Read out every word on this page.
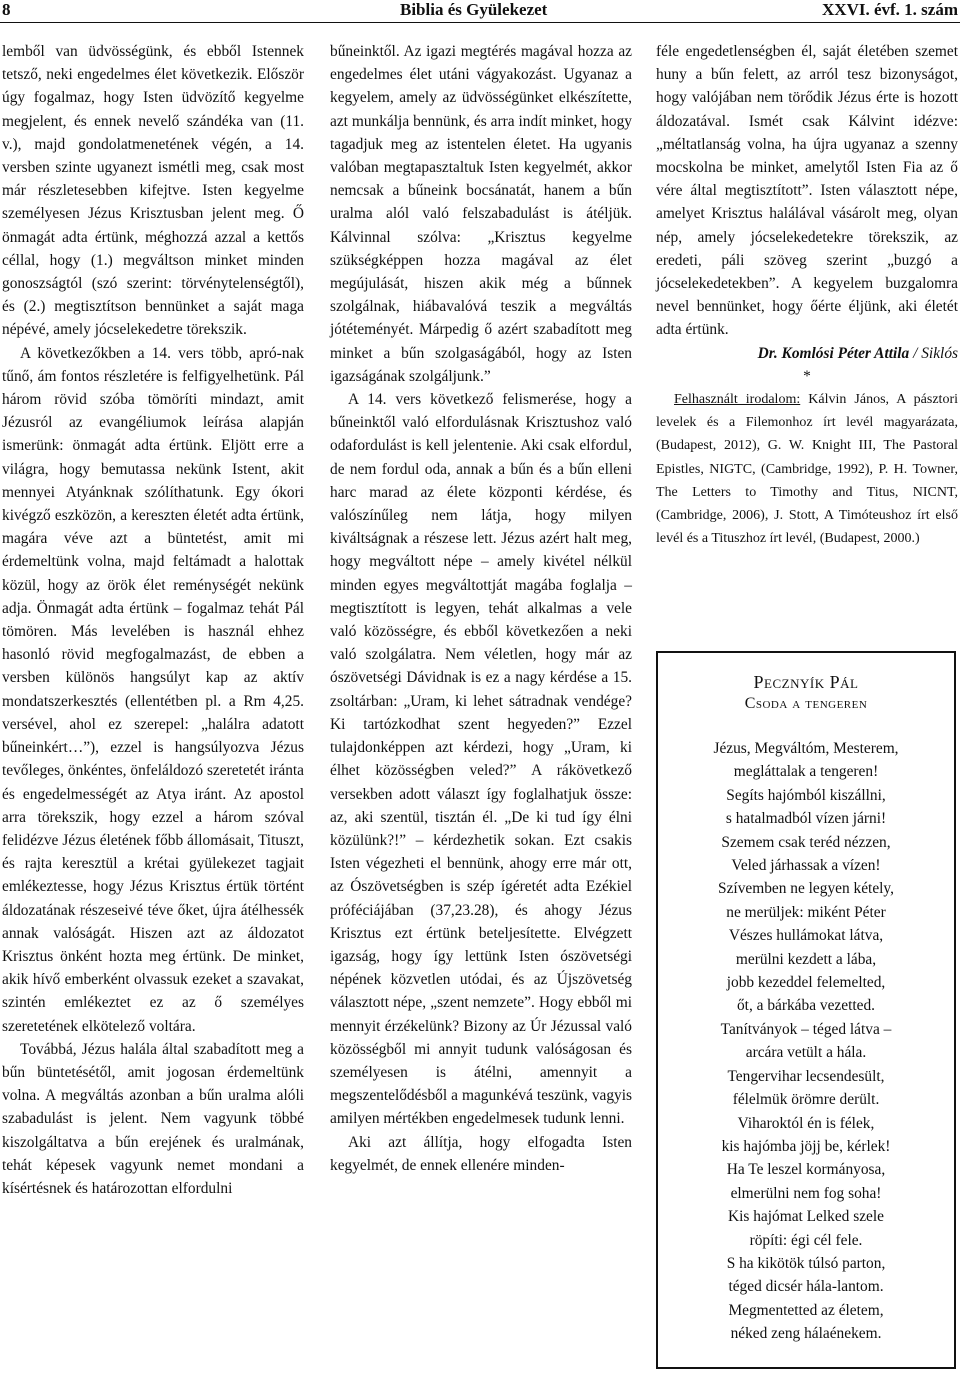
8	Biblia és Gyülekezet	XXVI. évf. 1. szám

lemből van üdvösségünk, és ebből Istennek tetsző, neki engedelmes élet következik. Először úgy fogalmaz, hogy Isten üdvözítő kegyelme megjelent, és ennek nevelő szándéka van (11. v.), majd gondolatmenetének végén, a 14. versben szinte ugyanezt ismétli meg, csak most már részletesebben kifejtve. Isten kegyelme személyesen Jézus Krisztusban jelent meg. Ő önmagát adta értünk, méghozzá azzal a kettős céllal, hogy (1.) megváltson minket minden gonoszságtól (szó szerint: törvénytelenségtől), és (2.) megtisztítson bennünket a saját maga népévé, amely jócselekedetre törekszik.

A következőkben a 14. vers több, apró-nak tűnő, ám fontos részletére is felfigyelhetünk. Pál három rövid szóba tömöríti mindazt, amit Jézusról az evangéliumok leírása alapján ismerünk: önmagát adta értünk. Eljött erre a világra, hogy bemutassa nekünk Istent, akit mennyei Atyánknak szólíthatunk. Egy ókori kivégző eszközön, a kereszten életét adta értünk, magára véve azt a büntetést, amit mi érdemeltünk volna, majd feltámadt a halottak közül, hogy az örök élet reménységét nekünk adja. Önmagát adta értünk – fogalmaz tehát Pál tömören. Más levelében is használ ehhez hasonló rövid megfogalmazást, de ebben a versben különös hangsúlyt kap az aktív mondatszerkesztés (ellentétben pl. a Rm 4,25. versével, ahol ez szerepel: „halálra adatott bűneinkért…”), ezzel is hangsúlyozva Jézus tevőleges, önkéntes, önfeláldozó szeretetét iránta és engedelmességét az Atya iránt. Az apostol arra törekszik, hogy ezzel a három szóval felidézve Jézus életének főbb állomásait, Tituszt, és rajta keresztül a krétai gyülekezet tagjait emlékeztesse, hogy Jézus Krisztus értük történt áldozatának részeseivé téve őket, újra átélhessék annak valóságát. Hiszen azt az áldozatot Krisztus önként hozta meg értünk. De minket, akik hívő emberként olvassuk ezeket a szavakat, szintén emlékeztet ez az ő személyes szeretetének elkötelező voltára.

Továbbá, Jézus halála által szabadított meg a bűn büntetésétől, amit jogosan érdemeltünk volna. A megváltás azonban a bűn uralma alóli szabadulást is jelent. Nem vagyunk többé kiszolgáltatva a bűn erejének és uralmának, tehát képesek vagyunk nemet mondani a kísértésnek és határozottan elfordulni

bűneinktől. Az igazi megtérés magával hozza az engedelmes élet utáni vágyakozást. Ugyanaz a kegyelem, amely az üdvösségünket elkészítette, azt munkálja bennünk, és arra indít minket, hogy tagadjuk meg az istentelen életet. Ha ugyanis valóban megtapasztaltuk Isten kegyelmét, akkor nemcsak a bűneink bocsánatát, hanem a bűn uralma alól való felszabadulást is átéljük. Kálvinnal szólva: „Krisztus kegyelme szükségképpen hozza magával az élet megújulását, hiszen akik még a bűnnek szolgálnak, hiábavalóvá teszik a megváltás jótéteményét. Márpedig ő azért szabadított meg minket a bűn szolgaságából, hogy az Isten igazságának szolgáljunk.”

A 14. vers következő felismerése, hogy a bűneinktől való elfordulásnak Krisztushoz való odafordulást is kell jelentenie. Aki csak elfordul, de nem fordul oda, annak a bűn és a bűn elleni harc marad az élete központi kérdése, és valószínűleg nem látja, hogy milyen kiváltságnak a részese lett. Jézus azért halt meg, hogy megváltott népe – amely kivétel nélkül minden egyes megváltottját magába foglalja – megtisztított is legyen, tehát alkalmas a vele való közösségre, és ebből következően a neki való szolgálatra. Nem véletlen, hogy már az ószövetségi Dávidnak is ez a nagy kérdése a 15. zsoltárban: „Uram, ki lehet sátradnak vendége? Ki tartózkodhat szent hegyeden?” Ezzel tulajdonképpen azt kérdezi, hogy „Uram, ki élhet közösségben veled?” A rákövetkező versekben adott választ így foglalhatjuk össze: az, aki szentül, tisztán él. „De ki tud így élni közülünk?!” – kérdezhetik sokan. Ezt csakis Isten végezheti el bennünk, ahogy erre már ott, az Ószövetségben is szép ígéretét adta Ezékiel próféciájában (37,23.28), és ahogy Jézus Krisztus ezt értünk beteljesítette. Elvégzett igazság, hogy így lettünk Isten ószövetségi népének közvetlen utódai, és az Újszövetség választott népe, „szent nemzete”. Hogy ebből mi mennyit érzékelünk? Bizony az Úr Jézussal való közösségből mi annyit tudunk valóságosan és személyesen is átélni, amennyit a megszentelődésből a magunkévá teszünk, vagyis amilyen mértékben engedelmesek tudunk lenni.

Aki azt állítja, hogy elfogadta Isten kegyelmét, de ennek ellenére minden-

féle engedetlenségben él, saját életében szemet huny a bűn felett, az arról tesz bizonyságot, hogy valójában nem törődik Jézus érte is hozott áldozatával. Ismét csak Kálvint idézve: „méltatlanság volna, ha újra ugyanaz a szenny mocskolna be minket, amelytől Isten Fia az ő vére által megtisztított”. Isten választott népe, amelyet Krisztus halálával vásárolt meg, olyan nép, amely jócselekedetekre törekszik, az eredeti, páli szöveg szerint „buzgó a jócselekedetekben”. A kegyelem buzgalomra nevel bennünket, hogy őérte éljünk, aki életét adta értünk.

Dr. Komlósi Péter Attila / Siklós

*

Felhasznált irodalom: Kálvin János, A pásztori levelek és a Filemonhoz írt levél magyarázata, (Budapest, 2012), G. W. Knight III, The Pastoral Epistles, NIGTC, (Cambridge, 1992), P. H. Towner, The Letters to Timothy and Titus, NICNT, (Cambridge, 2006), J. Stott, A Timóteushoz írt első levél és a Tituszhoz írt levél, (Budapest, 2000.)

Pecznyík Pál
Csoda a tengeren
Jézus, Megváltóm, Mesterem,
megláttalak a tengeren!
Segíts hajómból kiszállni,
s hatalmadból vízen járni!
Szemem csak teréd nézzen,
Veled járhassak a vízen!
Szívemben ne legyen kétely,
ne merüljek: miként Péter
Vészes hullámokat látva,
merülni kezdett a lába,
jobb kezeddel felemelted,
őt, a bárkába vezetted.
Tanítványok – téged látva –
arcára vetült a hála.
Tengervihar lecsendesült,
félelmük örömre derült.
Viharoktól én is félek,
kis hajómba jöjj be, kérlek!
Ha Te leszel kormányosa,
elmerülni nem fog soha!
Kis hajómat Lelked szele
röpíti: égi cél fele.
S ha kikötök túlsó parton,
téged dicsér hála-lantom.
Megmentetted az életem,
néked zeng hálaénekem.
